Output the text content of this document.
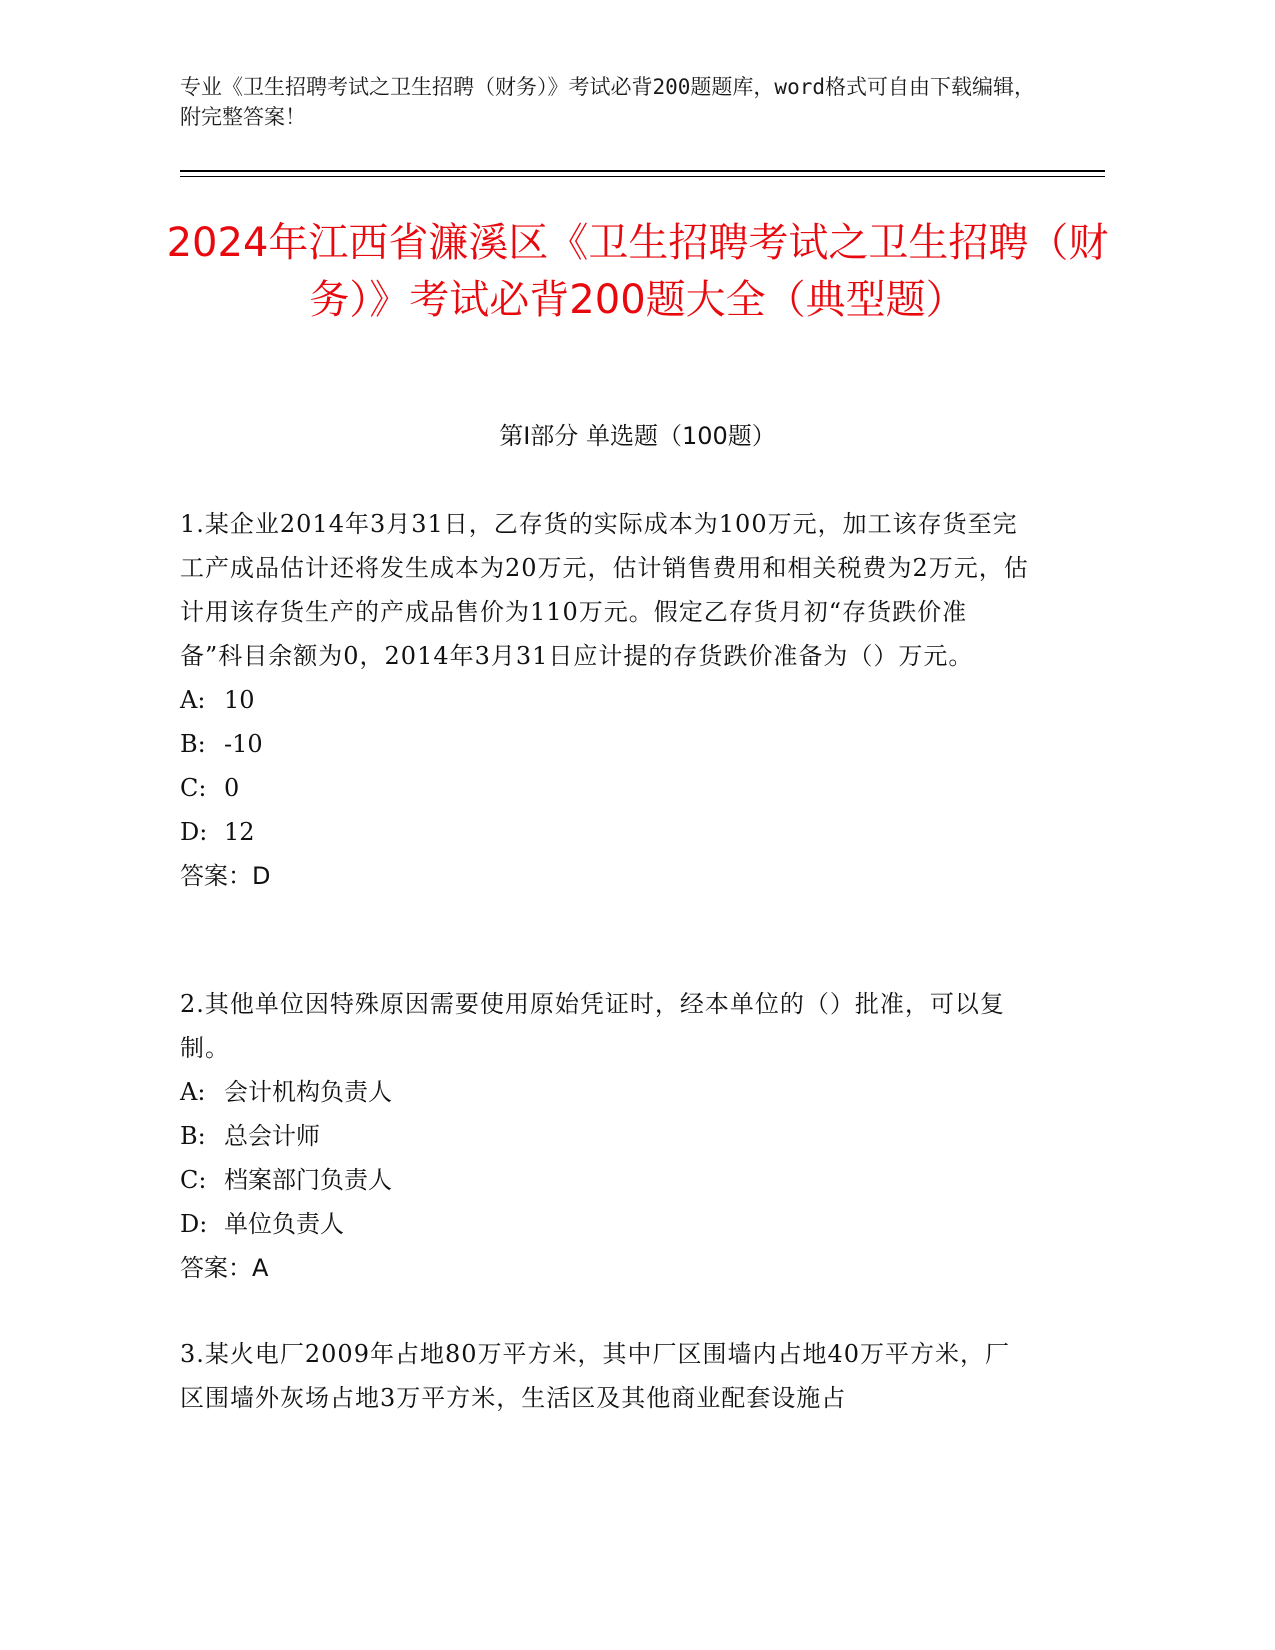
专业《卫生招聘考试之卫生招聘（财务）》考试必背200题题库，word格式可自由下载编辑，附完整答案！
2024年江西省濂溪区《卫生招聘考试之卫生招聘（财务）》考试必背200题大全（典型题）
第I部分 单选题（100题）

1.某企业2014年3月31日，乙存货的实际成本为100万元，加工该存货至完工产成品估计还将发生成本为20万元，估计销售费用和相关税费为2万元，估计用该存货生产的产成品售价为110万元。假定乙存货月初“存货跌价准备”科目余额为0，2014年3月31日应计提的存货跌价准备为（）万元。

A: 10

B: -10

C: 0

D: 12

答案：D

2.其他单位因特殊原因需要使用原始凭证时，经本单位的（）批准，可以复制。

A: 会计机构负责人

B: 总会计师

C: 档案部门负责人

D: 单位负责人

答案：A

3.某火电厂2009年占地80万平方米，其中厂区围墙内占地40万平方米，厂区围墙外灰场占地3万平方米，生活区及其他商业配套设施占
